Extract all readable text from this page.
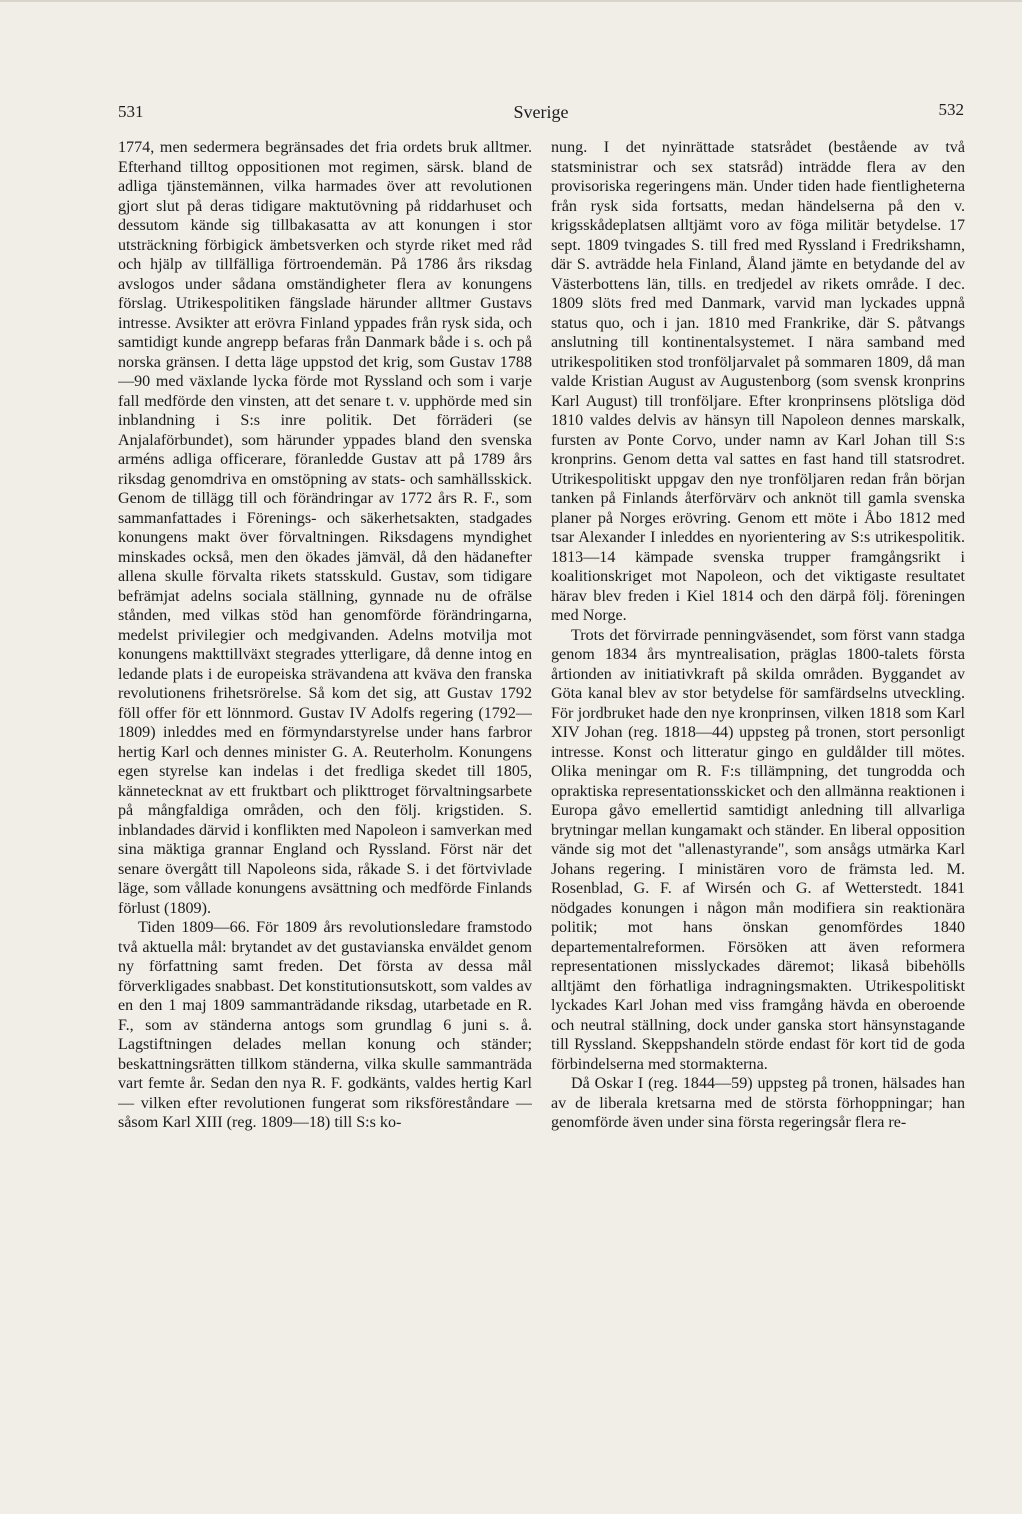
531	Sverige	532

1774, men sedermera begränsades det fria ordets bruk alltmer. Efterhand tilltog oppositionen mot regimen, särsk. bland de adliga tjänstemännen, vilka harmades över att revolutionen gjort slut på deras tidigare maktutövning på riddarhuset och dessutom kände sig tillbakasatta av att konungen i stor utsträckning förbigick ämbetsverken och styrde riket med råd och hjälp av tillfälliga förtroendemän. På 1786 års riksdag avslogos under sådana omständigheter flera av konungens förslag. Utrikespolitiken fängslade härunder alltmer Gustavs intresse. Avsikter att erövra Finland yppades från rysk sida, och samtidigt kunde angrepp befaras från Danmark både i s. och på norska gränsen. I detta läge uppstod det krig, som Gustav 1788—90 med växlande lycka förde mot Ryssland och som i varje fall medförde den vinsten, att det senare t. v. upphörde med sin inblandning i S:s inre politik. Det förräderi (se Anjalaförbundet), som härunder yppades bland den svenska arméns adliga officerare, föranledde Gustav att på 1789 års riksdag genomdriva en omstöpning av stats- och samhällsskick. Genom de tillägg till och förändringar av 1772 års R. F., som sammanfattades i Förenings- och säkerhetsakten, stadgades konungens makt över förvaltningen. Riksdagens myndighet minskades också, men den ökades jämväl, då den hädanefter allena skulle förvalta rikets statsskuld. Gustav, som tidigare befrämjat adelns sociala ställning, gynnade nu de ofrälse stånden, med vilkas stöd han genomförde förändringarna, medelst privilegier och medgivanden. Adelns motvilja mot konungens makttillväxt stegrades ytterligare, då denne intog en ledande plats i de europeiska strävandena att kväva den franska revolutionens frihetsrörelse. Så kom det sig, att Gustav 1792 föll offer för ett lönnmord. Gustav IV Adolfs regering (1792—1809) inleddes med en förmyndarstyrelse under hans farbror hertig Karl och dennes minister G. A. Reuterholm. Konungens egen styrelse kan indelas i det fredliga skedet till 1805, kännetecknat av ett fruktbart och plikttroget förvaltningsarbete på mångfaldiga områden, och den följ. krigstiden. S. inblandades därvid i konflikten med Napoleon i samverkan med sina mäktiga grannar England och Ryssland. Först när det senare övergått till Napoleons sida, råkade S. i det förtvivlade läge, som vållade konungens avsättning och medförde Finlands förlust (1809).

Tiden 1809—66. För 1809 års revolutionsledare framstodo två aktuella mål: brytandet av det gustavianska enväldet genom ny författning samt freden. Det första av dessa mål förverkligades snabbast. Det konstitutionsutskott, som valdes av en den 1 maj 1809 sammanträdande riksdag, utarbetade en R. F., som av ständerna antogs som grundlag 6 juni s. å. Lagstiftningen delades mellan konung och ständer; beskattningsrätten tillkom ständerna, vilka skulle sammanträda vart femte år. Sedan den nya R. F. godkänts, valdes hertig Karl — vilken efter revolutionen fungerat som riksföreståndare — såsom Karl XIII (reg. 1809—18) till S:s ko-

nung. I det nyinrättade statsrådet (bestående av två statsministrar och sex statsråd) inträdde flera av den provisoriska regeringens män. Under tiden hade fientligheterna från rysk sida fortsatts, medan händelserna på den v. krigsskådeplatsen alltjämt voro av föga militär betydelse. 17 sept. 1809 tvingades S. till fred med Ryssland i Fredrikshamn, där S. avträdde hela Finland, Åland jämte en betydande del av Västerbottens län, tills. en tredjedel av rikets område. I dec. 1809 slöts fred med Danmark, varvid man lyckades uppnå status quo, och i jan. 1810 med Frankrike, där S. påtvangs anslutning till kontinentalsystemet. I nära samband med utrikespolitiken stod tronföljarvalet på sommaren 1809, då man valde Kristian August av Augustenborg (som svensk kronprins Karl August) till tronföljare. Efter kronprinsens plötsliga död 1810 valdes delvis av hänsyn till Napoleon dennes marskalk, fursten av Ponte Corvo, under namn av Karl Johan till S:s kronprins. Genom detta val sattes en fast hand till statsrodret. Utrikespolitiskt uppgav den nye tronföljaren redan från början tanken på Finlands återförvärv och anknöt till gamla svenska planer på Norges erövring. Genom ett möte i Åbo 1812 med tsar Alexander I inleddes en nyorientering av S:s utrikespolitik. 1813—14 kämpade svenska trupper framgångsrikt i koalitionskriget mot Napoleon, och det viktigaste resultatet härav blev freden i Kiel 1814 och den därpå följ. föreningen med Norge.

Trots det förvirrade penningväsendet, som först vann stadga genom 1834 års myntrealisation, präglas 1800-talets första årtionden av initiativkraft på skilda områden. Byggandet av Göta kanal blev av stor betydelse för samfärdselns utveckling. För jordbruket hade den nye kronprinsen, vilken 1818 som Karl XIV Johan (reg. 1818—44) uppsteg på tronen, stort personligt intresse. Konst och litteratur gingo en guldålder till mötes. Olika meningar om R. F:s tillämpning, det tungrodda och opraktiska representationsskicket och den allmänna reaktionen i Europa gåvo emellertid samtidigt anledning till allvarliga brytningar mellan kungamakt och ständer. En liberal opposition vände sig mot det "allenastyrande", som ansågs utmärka Karl Johans regering. I ministären voro de främsta led. M. Rosenblad, G. F. af Wirsén och G. af Wetterstedt. 1841 nödgades konungen i någon mån modifiera sin reaktionära politik; mot hans önskan genomfördes 1840 departementalreformen. Försöken att även reformera representationen misslyckades däremot; likaså bibehölls alltjämt den förhatliga indragningsmakten. Utrikespolitiskt lyckades Karl Johan med viss framgång hävda en oberoende och neutral ställning, dock under ganska stort hänsynstagande till Ryssland. Skeppshandeln störde endast för kort tid de goda förbindelserna med stormakterna.

Då Oskar I (reg. 1844—59) uppsteg på tronen, hälsades han av de liberala kretsarna med de största förhoppningar; han genomförde även under sina första regeringsår flera re-
